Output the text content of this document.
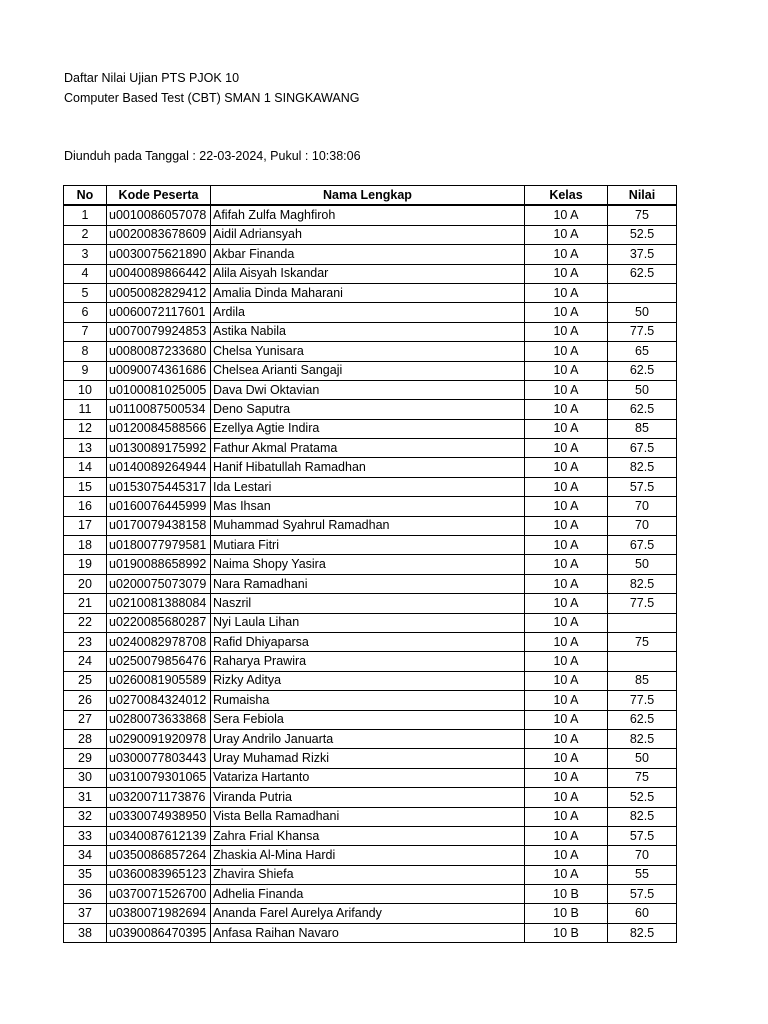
Daftar Nilai Ujian PTS PJOK 10
Computer Based Test (CBT) SMAN 1 SINGKAWANG
Diunduh pada Tanggal : 22-03-2024, Pukul : 10:38:06
No	Kode Peserta	Nama Lengkap	Kelas	Nilai
1	u0010086057078	Afifah Zulfa Maghfiroh	10 A	75
2	u0020083678609	Aidil Adriansyah	10 A	52.5
3	u0030075621890	Akbar Finanda	10 A	37.5
4	u0040089866442	Alila Aisyah Iskandar	10 A	62.5
5	u0050082829412	Amalia Dinda Maharani	10 A	
6	u0060072117601	Ardila	10 A	50
7	u0070079924853	Astika Nabila	10 A	77.5
8	u0080087233680	Chelsa Yunisara	10 A	65
9	u0090074361686	Chelsea Arianti Sangaji	10 A	62.5
10	u0100081025005	Dava Dwi Oktavian	10 A	50
11	u0110087500534	Deno Saputra	10 A	62.5
12	u0120084588566	Ezellya Agtie Indira	10 A	85
13	u0130089175992	Fathur Akmal Pratama	10 A	67.5
14	u0140089264944	Hanif Hibatullah Ramadhan	10 A	82.5
15	u0153075445317	Ida Lestari	10 A	57.5
16	u0160076445999	Mas Ihsan	10 A	70
17	u0170079438158	Muhammad Syahrul Ramadhan	10 A	70
18	u0180077979581	Mutiara Fitri	10 A	67.5
19	u0190088658992	Naima Shopy Yasira	10 A	50
20	u0200075073079	Nara Ramadhani	10 A	82.5
21	u0210081388084	Naszril	10 A	77.5
22	u0220085680287	Nyi Laula Lihan	10 A	
23	u0240082978708	Rafid Dhiyaparsa	10 A	75
24	u0250079856476	Raharya Prawira	10 A	
25	u0260081905589	Rizky Aditya	10 A	85
26	u0270084324012	Rumaisha	10 A	77.5
27	u0280073633868	Sera Febiola	10 A	62.5
28	u0290091920978	Uray Andrilo Januarta	10 A	82.5
29	u0300077803443	Uray Muhamad Rizki	10 A	50
30	u0310079301065	Vatariza Hartanto	10 A	75
31	u0320071173876	Viranda Putria	10 A	52.5
32	u0330074938950	Vista Bella Ramadhani	10 A	82.5
33	u0340087612139	Zahra Frial Khansa	10 A	57.5
34	u0350086857264	Zhaskia Al-Mina Hardi	10 A	70
35	u0360083965123	Zhavira Shiefa	10 A	55
36	u0370071526700	Adhelia Finanda	10 B	57.5
37	u0380071982694	Ananda Farel Aurelya Arifandy	10 B	60
38	u0390086470395	Anfasa Raihan Navaro	10 B	82.5
